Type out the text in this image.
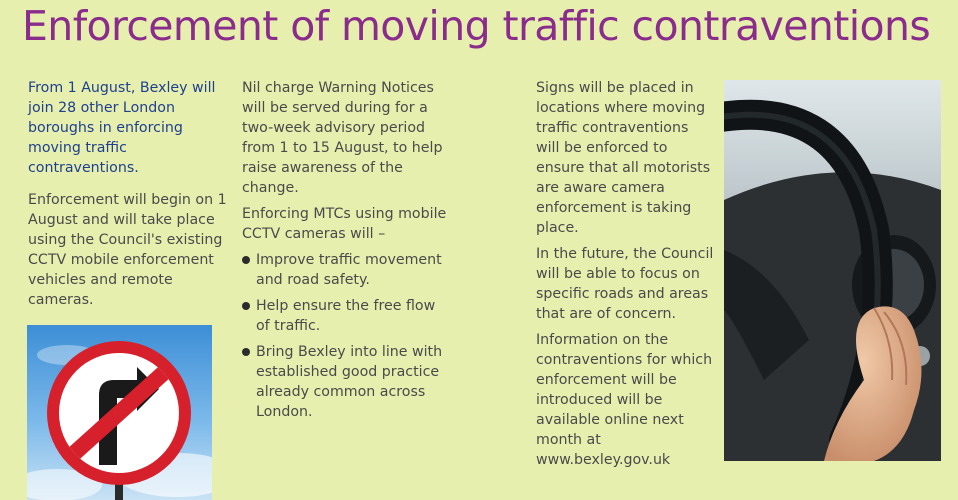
Enforcement of moving traffic contraventions

From 1 August, Bexley will join 28 other London boroughs in enforcing moving traffic contraventions.

Enforcement will begin on 1 August and will take place using the Council's existing CCTV mobile enforcement vehicles and remote cameras.

Nil charge Warning Notices will be served during for a two-week advisory period from 1 to 15 August, to help raise awareness of the change.

Enforcing MTCs using mobile CCTV cameras will –

Improve traffic movement and road safety.
Help ensure the free flow of traffic.
Bring Bexley into line with established good practice already common across London.

Signs will be placed in locations where moving traffic contraventions will be enforced to ensure that all motorists are aware camera enforcement is taking place.

In the future, the Council will be able to focus on specific roads and areas that are of concern.

Information on the contraventions for which enforcement will be introduced will be available online next month at www.bexley.gov.uk
